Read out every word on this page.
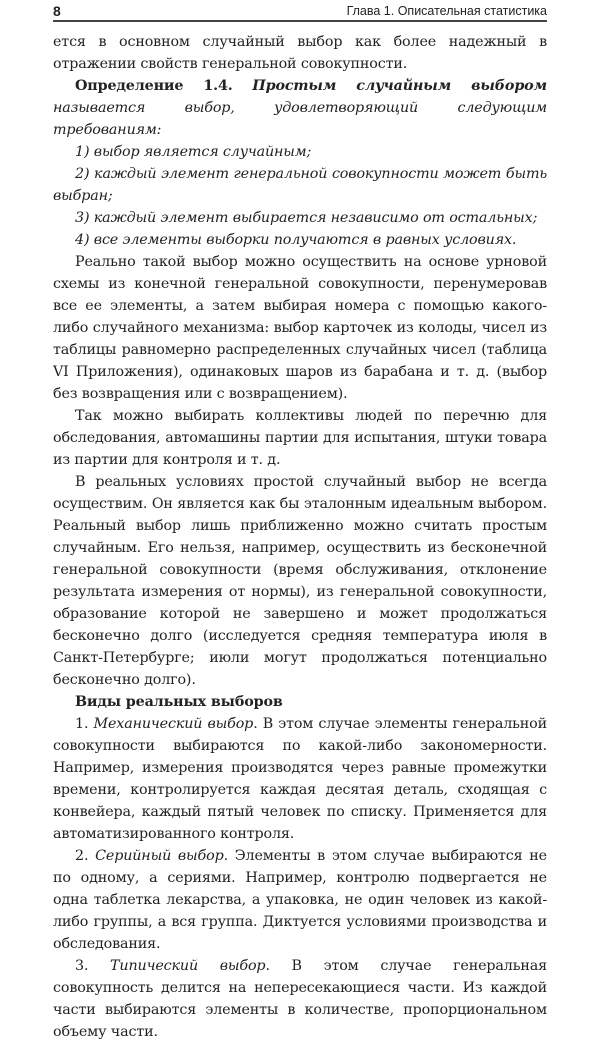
8	Глава 1. Описательная статистика

ется в основном случайный выбор как более надежный в отражении свойств генеральной совокупности.

Определение 1.4. Простым случайным выбором называется выбор, удовлетворяющий следующим требованиям:

1) выбор является случайным;

2) каждый элемент генеральной совокупности может быть выбран;

3) каждый элемент выбирается независимо от остальных;

4) все элементы выборки получаются в равных условиях.

Реально такой выбор можно осуществить на основе урновой схемы из конечной генеральной совокупности, перенумеровав все ее элементы, а затем выбирая номера с помощью какого-либо случайного механизма: выбор карточек из колоды, чисел из таблицы равномерно распределенных случайных чисел (таблица VI Приложения), одинаковых шаров из барабана и т. д. (выбор без возвращения или с возвращением).

Так можно выбирать коллективы людей по перечню для обследования, автомашины партии для испытания, штуки товара из партии для контроля и т. д.

В реальных условиях простой случайный выбор не всегда осуществим. Он является как бы эталонным идеальным выбором. Реальный выбор лишь приближенно можно считать простым случайным. Его нельзя, например, осуществить из бесконечной генеральной совокупности (время обслуживания, отклонение результата измерения от нормы), из генеральной совокупности, образование которой не завершено и может продолжаться бесконечно долго (исследуется средняя температура июля в Санкт-Петербурге; июли могут продолжаться потенциально бесконечно долго).

Виды реальных выборов

1. Механический выбор. В этом случае элементы генеральной совокупности выбираются по какой-либо закономерности. Например, измерения производятся через равные промежутки времени, контролируется каждая десятая деталь, сходящая с конвейера, каждый пятый человек по списку. Применяется для автоматизированного контроля.

2. Серийный выбор. Элементы в этом случае выбираются не по одному, а сериями. Например, контролю подвергается не одна таблетка лекарства, а упаковка, не один человек из какой-либо группы, а вся группа. Диктуется условиями производства и обследования.

3. Типический выбор. В этом случае генеральная совокупность делится на непересекающиеся части. Из каждой части выбираются элементы в количестве, пропорциональном объему части.
